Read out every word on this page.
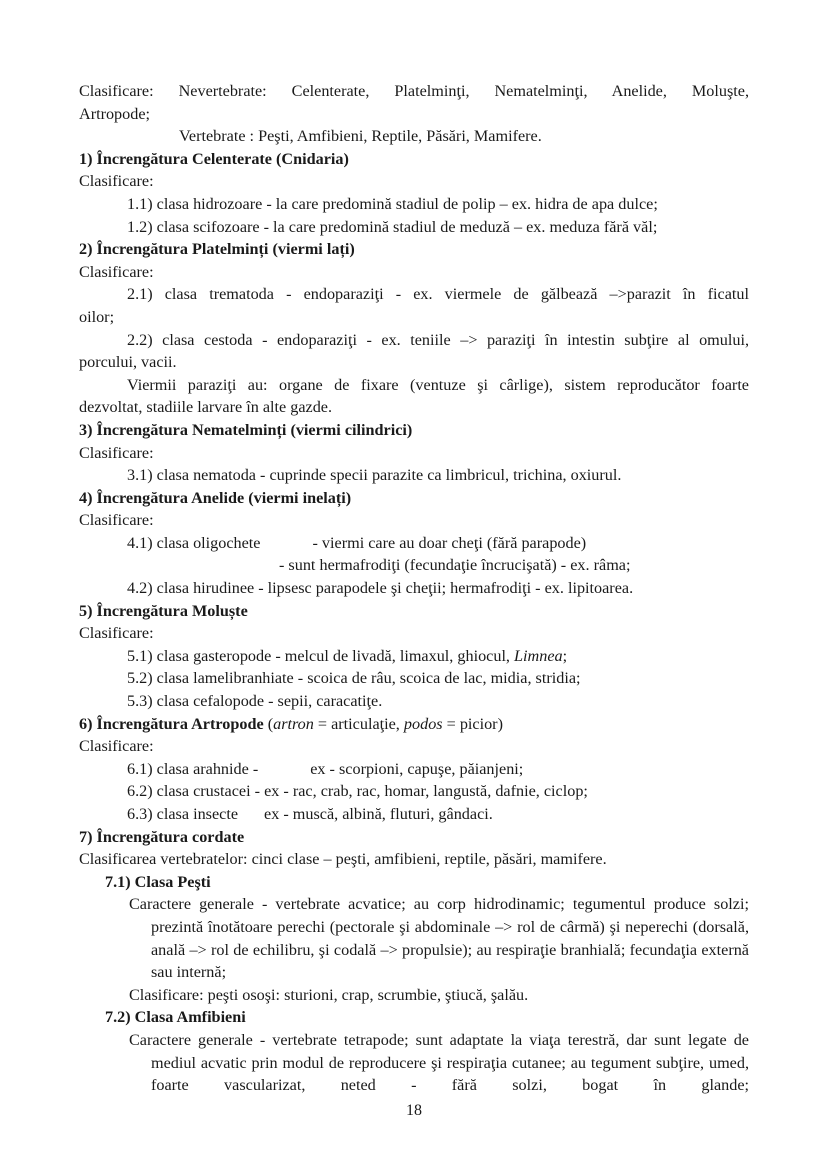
Clasificare: Nevertebrate: Celenterate, Platelminţi, Nematelminţi, Anelide, Moluşte,
Artropode;
Vertebrate : Peşti, Amfibieni, Reptile, Păsări, Mamifere.
1) Încrengătura Celenterate (Cnidaria)
Clasificare:
1.1) clasa hidrozoare - la care predomină stadiul de polip – ex. hidra de apa dulce;
1.2) clasa scifozoare - la care predomină stadiul de meduză – ex. meduza fără văl;
2) Încrengătura Platelminți (viermi lați)
Clasificare:
2.1) clasa trematoda - endoparaziţi - ex. viermele de gălbează –>parazit în ficatul
oilor;
2.2) clasa cestoda - endoparaziţi - ex. teniile –> paraziţi în intestin subţire al omului,
porcului, vacii.
Viermii paraziţi au: organe de fixare (ventuze şi cârlige), sistem reproducător foarte
dezvoltat, stadiile larvare în alte gazde.
3) Încrengătura Nematelminți (viermi cilindrici)
Clasificare:
3.1) clasa nematoda - cuprinde specii parazite ca limbricul, trichina, oxiurul.
4) Încrengătura Anelide (viermi inelați)
Clasificare:
4.1) clasa oligochete	- viermi care au doar cheţi (fără parapode)
- sunt hermafrodiţi (fecundaţie încrucişată) - ex. râma;
4.2) clasa hirudinee - lipsesc parapodele şi cheţii; hermafrodiţi - ex. lipitoarea.
5) Încrengătura Moluște
Clasificare:
5.1) clasa gasteropode - melcul de livadă, limaxul, ghiocul, Limnea;
5.2) clasa lamelibranhiate - scoica de râu, scoica de lac, midia, stridia;
5.3) clasa cefalopode - sepii, caracatiţe.
6) Încrengătura Artropode (artron = articulaţie, podos = picior)
Clasificare:
6.1) clasa arahnide -	ex - scorpioni, capuşe, păianjeni;
6.2) clasa crustacei - ex - rac, crab, rac, homar, langustă, dafnie, ciclop;
6.3) clasa insecte ex - muscă, albină, fluturi, gândaci.
7) Încrengătura cordate
Clasificarea vertebratelor: cinci clase – peşti, amfibieni, reptile, păsări, mamifere.
7.1) Clasa Peşti
Caractere generale - vertebrate acvatice; au corp hidrodinamic; tegumentul produce solzi; prezintă înotătoare perechi (pectorale şi abdominale –> rol de cârmă) şi neperechi (dorsală, anală –> rol de echilibru, şi codală –> propulsie); au respiraţie branhială; fecundaţia externă sau internă;
Clasificare: peşti osoşi: sturioni, crap, scrumbie, ştiucă, şalău.
7.2) Clasa Amfibieni
Caractere generale - vertebrate tetrapode; sunt adaptate la viaţa terestră, dar sunt legate de mediul acvatic prin modul de reproducere şi respiraţia cutanee; au tegument subţire, umed, foarte vascularizat, neted - fără solzi, bogat în glande;
18
